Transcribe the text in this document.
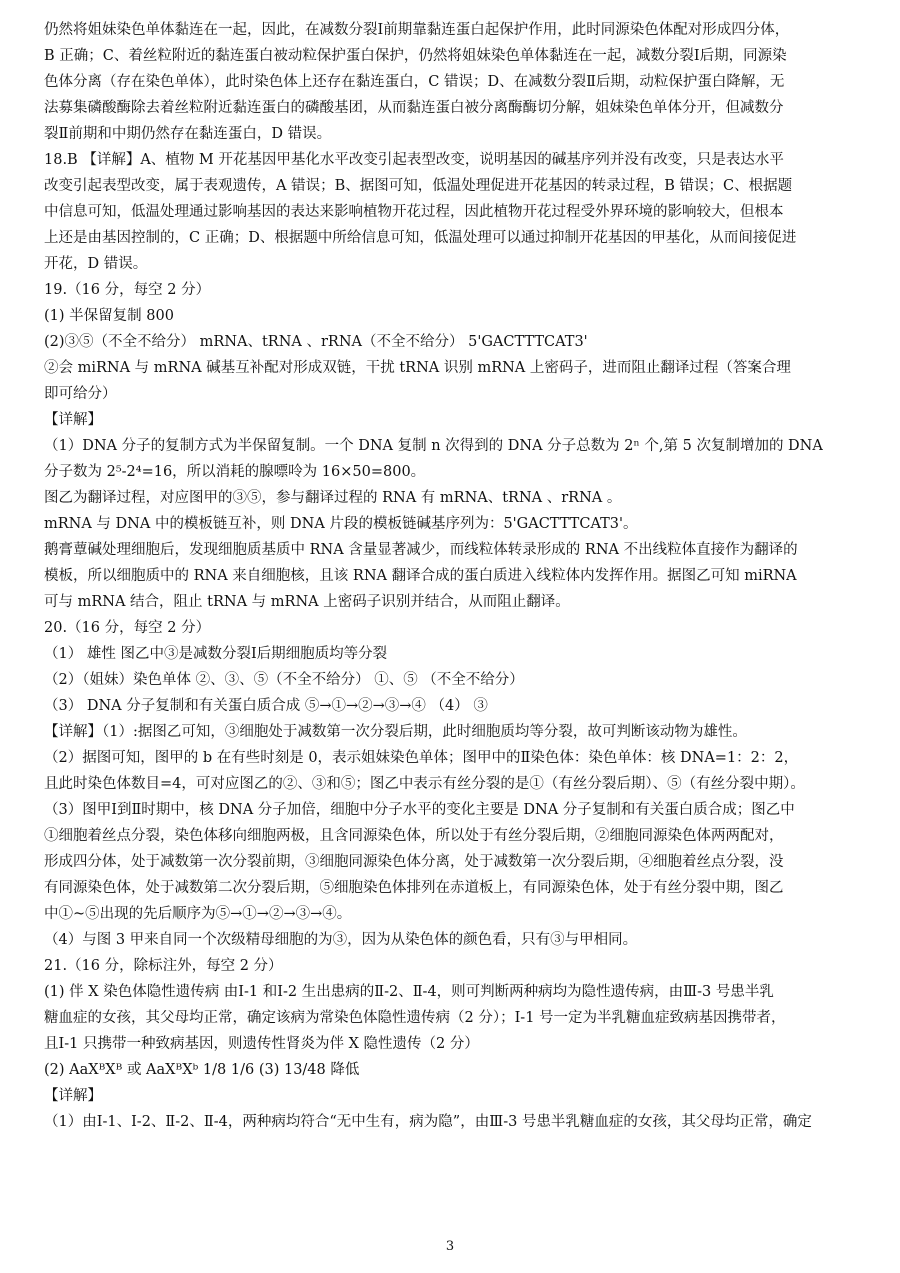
仍然将姐妹染色单体黏连在一起，因此，在减数分裂Ⅰ前期靠黏连蛋白起保护作用，此时同源染色体配对形成四分体，
B 正确；C、着丝粒附近的黏连蛋白被动粒保护蛋白保护，仍然将姐妹染色单体黏连在一起，减数分裂Ⅰ后期，同源染
色体分离（存在染色单体），此时染色体上还存在黏连蛋白，C 错误；D、在减数分裂Ⅱ后期，动粒保护蛋白降解，无
法募集磷酸酶除去着丝粒附近黏连蛋白的磷酸基团，从而黏连蛋白被分离酶酶切分解，姐妹染色单体分开，但减数分
裂Ⅱ前期和中期仍然存在黏连蛋白，D 错误。
18.B 【详解】A、植物 M 开花基因甲基化水平改变引起表型改变，说明基因的碱基序列并没有改变，只是表达水平
改变引起表型改变，属于表观遗传，A 错误；B、据图可知，低温处理促进开花基因的转录过程，B 错误；C、根据题
中信息可知，低温处理通过影响基因的表达来影响植物开花过程，因此植物开花过程受外界环境的影响较大，但根本
上还是由基因控制的，C 正确；D、根据题中所给信息可知，低温处理可以通过抑制开花基因的甲基化，从而间接促进
开花，D 错误。
19.（16 分，每空 2 分）
(1) 半保留复制 800
(2)③⑤（不全不给分） mRNA、tRNA 、rRNA（不全不给分） 5'GACTTTCAT3'
②会 miRNA 与 mRNA 碱基互补配对形成双链，干扰 tRNA 识别 mRNA 上密码子，进而阻止翻译过程（答案合理
即可给分）
【详解】
（1）DNA 分子的复制方式为半保留复制。一个 DNA 复制 n 次得到的 DNA 分子总数为 2ⁿ 个,第 5 次复制增加的 DNA
分子数为 2⁵-2⁴=16，所以消耗的腺嘌呤为 16×50=800。
图乙为翻译过程，对应图甲的③⑤，参与翻译过程的 RNA 有 mRNA、tRNA 、rRNA 。
mRNA 与 DNA 中的模板链互补，则 DNA 片段的模板链碱基序列为：5'GACTTTCAT3'。
鹅膏蕈碱处理细胞后，发现细胞质基质中 RNA 含量显著减少，而线粒体转录形成的 RNA 不出线粒体直接作为翻译的
模板，所以细胞质中的 RNA 来自细胞核，且该 RNA 翻译合成的蛋白质进入线粒体内发挥作用。据图乙可知 miRNA
可与 mRNA 结合，阻止 tRNA 与 mRNA 上密码子识别并结合，从而阻止翻译。
20.（16 分，每空 2 分）
（1） 雄性 图乙中③是减数分裂Ⅰ后期细胞质均等分裂
（2）（姐妹）染色单体 ②、③、⑤（不全不给分） ①、⑤ （不全不给分）
（3） DNA 分子复制和有关蛋白质合成 ⑤→①→②→③→④ （4） ③
【详解】（1）:据图乙可知，③细胞处于减数第一次分裂后期，此时细胞质均等分裂，故可判断该动物为雄性。
（2）据图可知，图甲的 b 在有些时刻是 0，表示姐妹染色单体；图甲中的Ⅱ染色体：染色单体：核 DNA=1：2：2，
且此时染色体数目=4，可对应图乙的②、③和⑤；图乙中表示有丝分裂的是①（有丝分裂后期）、⑤（有丝分裂中期）。
（3）图甲Ⅰ到Ⅱ时期中，核 DNA 分子加倍，细胞中分子水平的变化主要是 DNA 分子复制和有关蛋白质合成；图乙中
①细胞着丝点分裂，染色体移向细胞两极，且含同源染色体，所以处于有丝分裂后期，②细胞同源染色体两两配对，
形成四分体，处于减数第一次分裂前期，③细胞同源染色体分离，处于减数第一次分裂后期，④细胞着丝点分裂，没
有同源染色体，处于减数第二次分裂后期，⑤细胞染色体排列在赤道板上，有同源染色体，处于有丝分裂中期，图乙
中①~⑤出现的先后顺序为⑤→①→②→③→④。
（4）与图 3 甲来自同一个次级精母细胞的为③，因为从染色体的颜色看，只有③与甲相同。
21.（16 分，除标注外，每空 2 分）
(1) 伴 X 染色体隐性遗传病 由Ⅰ-1 和Ⅰ-2 生出患病的Ⅱ-2、Ⅱ-4，则可判断两种病均为隐性遗传病，由Ⅲ-3 号患半乳
糖血症的女孩，其父母均正常，确定该病为常染色体隐性遗传病（2 分）；Ⅰ-1 号一定为半乳糖血症致病基因携带者，
且Ⅰ-1 只携带一种致病基因，则遗传性肾炎为伴 X 隐性遗传（2 分）
(2) AaXᴮXᴮ 或 AaXᴮXᵇ 1/8 1/6 (3) 13/48 降低
【详解】
（1）由Ⅰ-1、Ⅰ-2、Ⅱ-2、Ⅱ-4，两种病均符合“无中生有，病为隐”，由Ⅲ-3 号患半乳糖血症的女孩，其父母均正常，确定
3
